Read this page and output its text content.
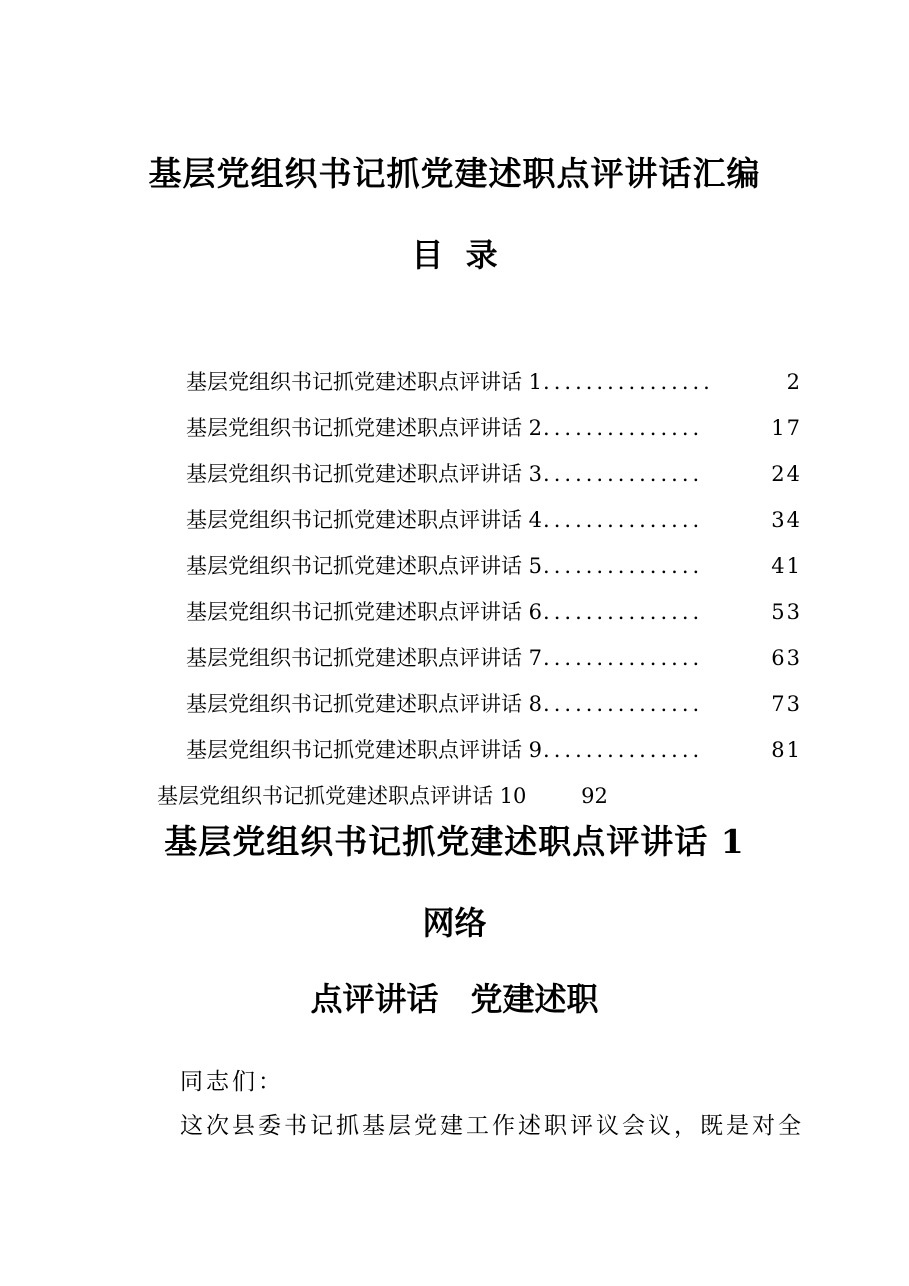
基层党组织书记抓党建述职点评讲话汇编
目  录
基层党组织书记抓党建述职点评讲话 1 ................	2
基层党组织书记抓党建述职点评讲话 2 ...............	17
基层党组织书记抓党建述职点评讲话 3 ...............	24
基层党组织书记抓党建述职点评讲话 4 ...............	34
基层党组织书记抓党建述职点评讲话 5 ...............	41
基层党组织书记抓党建述职点评讲话 6 ...............	53
基层党组织书记抓党建述职点评讲话 7 ...............	63
基层党组织书记抓党建述职点评讲话 8 ...............	73
基层党组织书记抓党建述职点评讲话 9 ...............	81
基层党组织书记抓党建述职点评讲话 10	92
基层党组织书记抓党建述职点评讲话 1
网络
点评讲话 党建述职
同志们：
这次县委书记抓基层党建工作述职评议会议，既是对全
